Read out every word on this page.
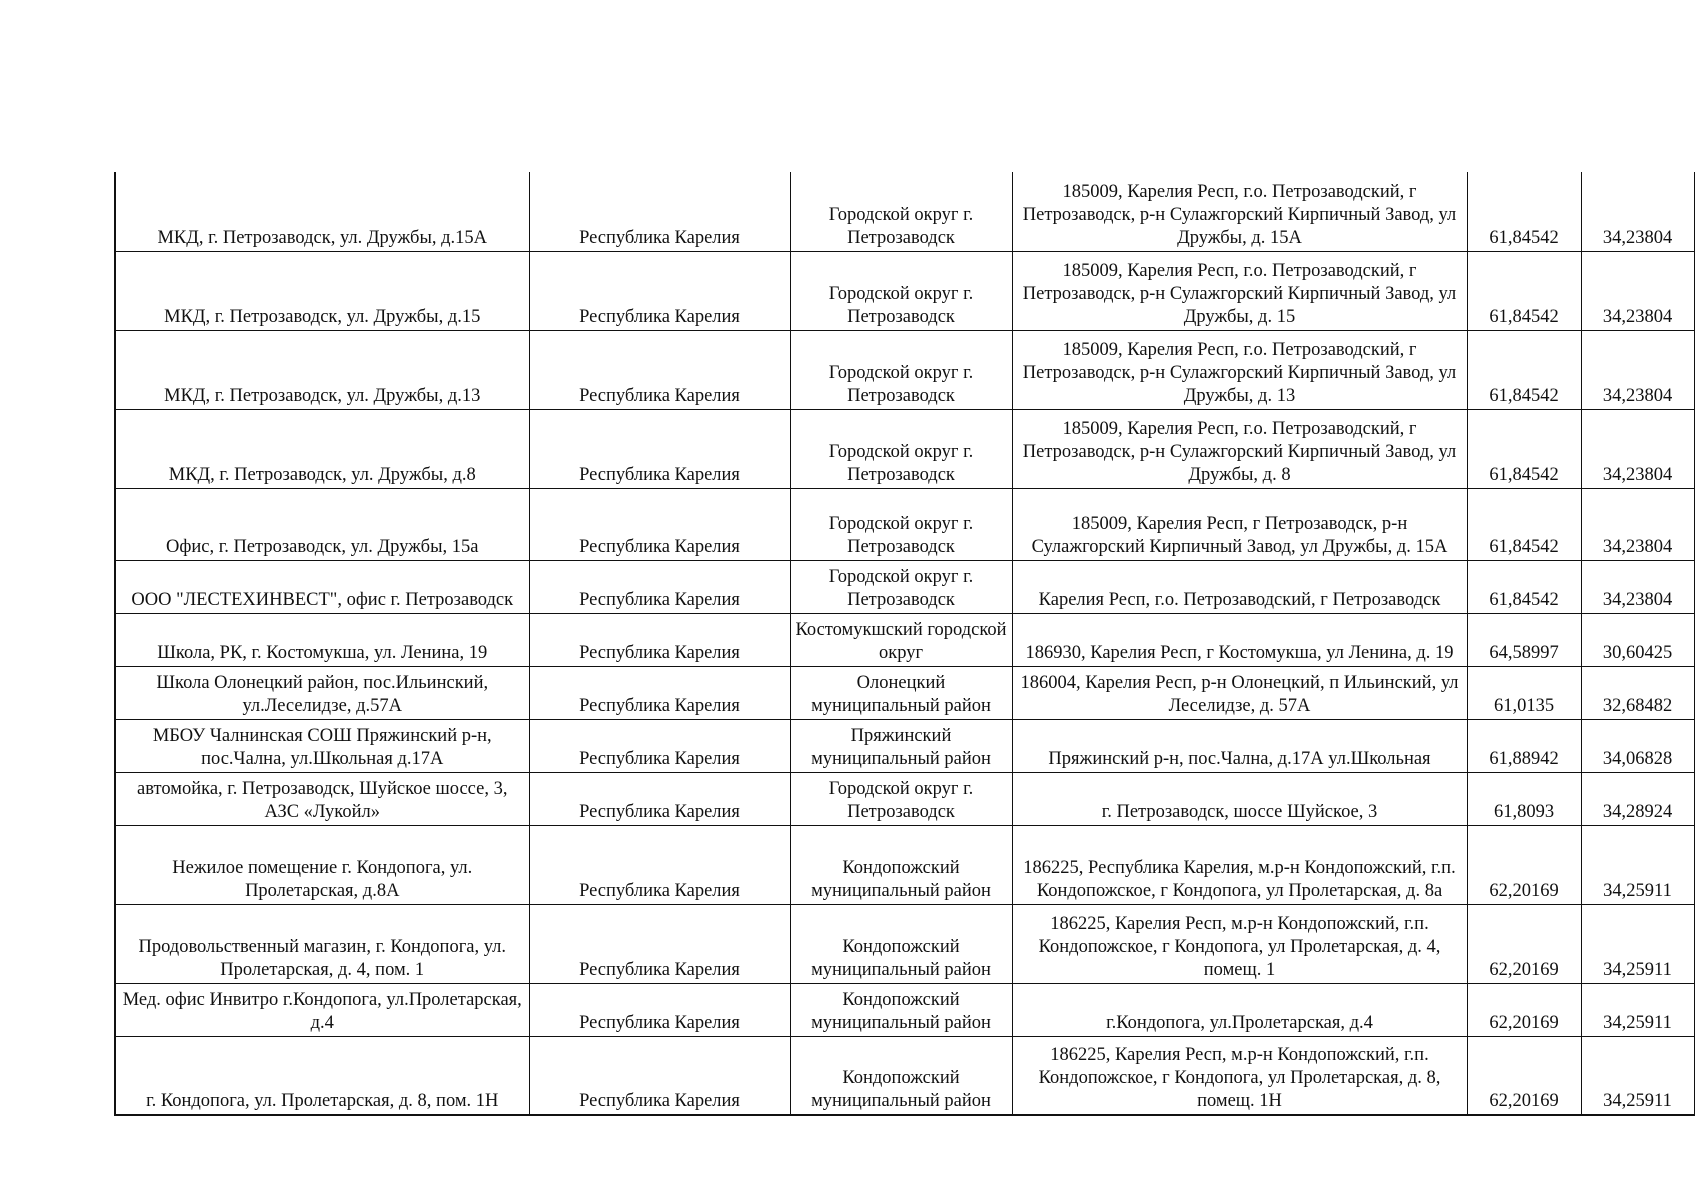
МКД, г. Петрозаводск, ул. Дружбы, д.15А	Республика Карелия	Городской округ г. Петрозаводск	185009, Карелия Респ, г.о. Петрозаводский, г Петрозаводск, р-н Сулажгорский Кирпичный Завод, ул Дружбы, д. 15А	61,84542	34,23804
МКД, г. Петрозаводск, ул. Дружбы, д.15	Республика Карелия	Городской округ г. Петрозаводск	185009, Карелия Респ, г.о. Петрозаводский, г Петрозаводск, р-н Сулажгорский Кирпичный Завод, ул Дружбы, д. 15	61,84542	34,23804
МКД, г. Петрозаводск, ул. Дружбы, д.13	Республика Карелия	Городской округ г. Петрозаводск	185009, Карелия Респ, г.о. Петрозаводский, г Петрозаводск, р-н Сулажгорский Кирпичный Завод, ул Дружбы, д. 13	61,84542	34,23804
МКД, г. Петрозаводск, ул. Дружбы, д.8	Республика Карелия	Городской округ г. Петрозаводск	185009, Карелия Респ, г.о. Петрозаводский, г Петрозаводск, р-н Сулажгорский Кирпичный Завод, ул Дружбы, д. 8	61,84542	34,23804
Офис, г. Петрозаводск, ул. Дружбы, 15а	Республика Карелия	Городской округ г. Петрозаводск	185009, Карелия Респ, г Петрозаводск, р-н Сулажгорский Кирпичный Завод, ул Дружбы, д. 15А	61,84542	34,23804
ООО "ЛЕСТЕХИНВЕСТ", офис г. Петрозаводск	Республика Карелия	Городской округ г. Петрозаводск	Карелия Респ, г.о. Петрозаводский, г Петрозаводск	61,84542	34,23804
Школа, РК, г. Костомукша, ул. Ленина, 19	Республика Карелия	Костомукшский городской округ	186930, Карелия Респ, г Костомукша, ул Ленина, д. 19	64,58997	30,60425
Школа Олонецкий район, пос.Ильинский, ул.Леселидзе, д.57А	Республика Карелия	Олонецкий муниципальный район	186004, Карелия Респ, р-н Олонецкий, п Ильинский, ул Леселидзе, д. 57А	61,0135	32,68482
МБОУ Чалнинская СОШ Пряжинский р-н, пос.Чална, ул.Школьная д.17А	Республика Карелия	Пряжинский муниципальный район	Пряжинский р-н, пос.Чална, д.17А ул.Школьная	61,88942	34,06828
автомойка, г. Петрозаводск, Шуйское шоссе, 3, АЗС «Лукойл»	Республика Карелия	Городской округ г. Петрозаводск	г. Петрозаводск, шоссе Шуйское, 3	61,8093	34,28924
Нежилое помещение г. Кондопога, ул. Пролетарская, д.8А	Республика Карелия	Кондопожский муниципальный район	186225, Республика Карелия, м.р-н Кондопожский, г.п. Кондопожское, г Кондопога, ул Пролетарская, д. 8а	62,20169	34,25911
Продовольственный магазин, г. Кондопога, ул. Пролетарская, д. 4, пом. 1	Республика Карелия	Кондопожский муниципальный район	186225, Карелия Респ, м.р-н Кондопожский, г.п. Кондопожское, г Кондопога, ул Пролетарская, д. 4, помещ. 1	62,20169	34,25911
Мед. офис Инвитро г.Кондопога, ул.Пролетарская, д.4	Республика Карелия	Кондопожский муниципальный район	г.Кондопога, ул.Пролетарская, д.4	62,20169	34,25911
г. Кондопога, ул. Пролетарская, д. 8, пом. 1Н	Республика Карелия	Кондопожский муниципальный район	186225, Карелия Респ, м.р-н Кондопожский, г.п. Кондопожское, г Кондопога, ул Пролетарская, д. 8, помещ. 1Н	62,20169	34,25911
